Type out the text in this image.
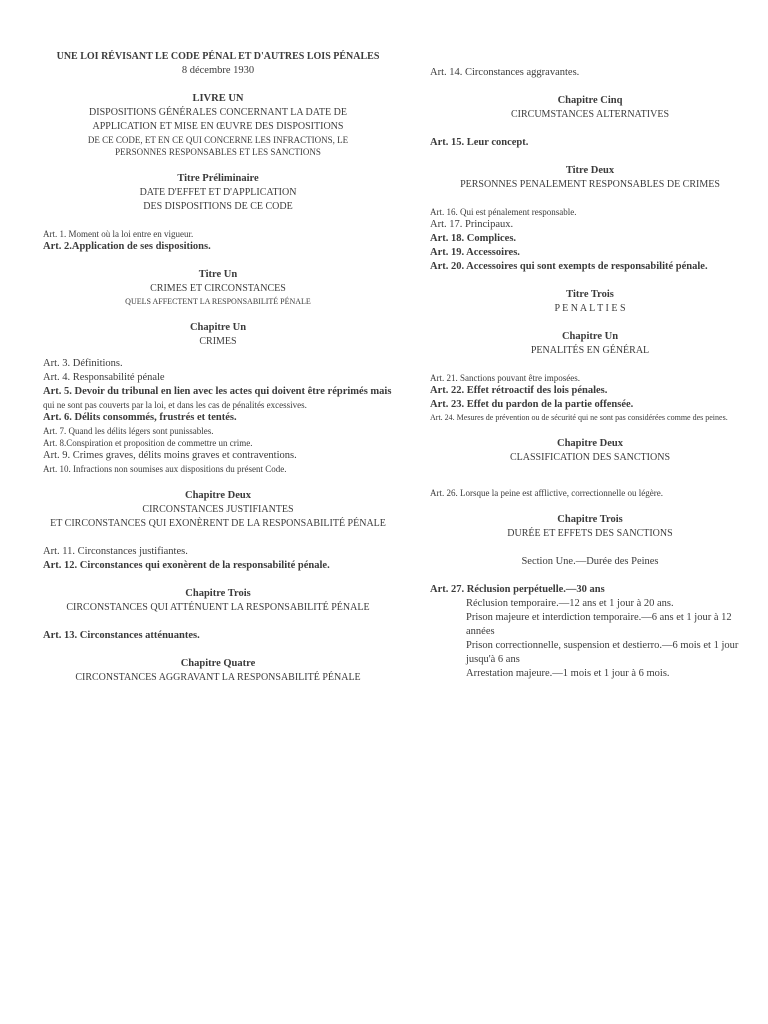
UNE LOI RÉVISANT LE CODE PÉNAL ET D'AUTRES LOIS PÉNALES

8 décembre 1930

LIVRE UN

DISPOSITIONS GÉNÉRALES CONCERNANT LA DATE DE

APPLICATION ET MISE EN ŒUVRE DES DISPOSITIONS

DE CE CODE, ET EN CE QUI CONCERNE LES INFRACTIONS, LE

PERSONNES RESPONSABLES ET LES SANCTIONS

Titre Préliminaire

DATE D'EFFET ET D'APPLICATION

DES DISPOSITIONS DE CE CODE

Art. 1. Moment où la loi entre en vigueur.

Art. 2.Application de ses dispositions.

Titre Un

CRIMES ET CIRCONSTANCES

QUELS AFFECTENT LA RESPONSABILITÉ PÉNALE

Chapitre Un

CRIMES

Art. 3. Définitions.

Art. 4. Responsabilité pénale

Art. 5. Devoir du tribunal en lien avec les actes qui doivent être réprimés mais

qui ne sont pas couverts par la loi, et dans les cas de pénalités excessives.

Art. 6. Délits consommés, frustrés et tentés.

Art. 7. Quand les délits légers sont punissables.

Art. 8.Conspiration et proposition de commettre un crime.

Art. 9. Crimes graves, délits moins graves et contraventions.

Art. 10. Infractions non soumises aux dispositions du présent Code.

Chapitre Deux

CIRCONSTANCES JUSTIFIANTES

ET CIRCONSTANCES QUI EXONÈRENT DE LA RESPONSABILITÉ PÉNALE

Art. 11. Circonstances justifiantes.

Art. 12. Circonstances qui exonèrent de la responsabilité pénale.

Chapitre Trois

CIRCONSTANCES QUI ATTÉNUENT LA RESPONSABILITÉ PÉNALE

Art. 13. Circonstances atténuantes.

Chapitre Quatre

CIRCONSTANCES AGGRAVANT LA RESPONSABILITÉ PÉNALE

Art. 14. Circonstances aggravantes.

Chapitre Cinq

CIRCUMSTANCES ALTERNATIVES

Art. 15. Leur concept.

Titre Deux

PERSONNES PENALEMENT RESPONSABLES DE CRIMES

Art. 16. Qui est pénalement responsable.

Art. 17. Principaux.

Art. 18. Complices.

Art. 19. Accessoires.

Art. 20. Accessoires qui sont exempts de responsabilité pénale.

Titre Trois

P E N A L T I E S

Chapitre Un

PENALITÉS EN GÉNÉRAL

Art. 21. Sanctions pouvant être imposées.

Art. 22. Effet rétroactif des lois pénales.

Art. 23. Effet du pardon de la partie offensée.

Art. 24. Mesures de prévention ou de sécurité qui ne sont pas considérées comme des peines.

Chapitre Deux

CLASSIFICATION DES SANCTIONS

Art. 26. Lorsque la peine est afflictive, correctionnelle ou légère.

Chapitre Trois

DURÉE ET EFFETS DES SANCTIONS

Section Une.—Durée des Peines

Art. 27. Réclusion perpétuelle.—30 ans

Réclusion temporaire.—12 ans et 1 jour à 20 ans.

Prison majeure et interdiction temporaire.—6 ans et 1 jour à 12 années

Prison correctionnelle, suspension et destierro.—6 mois et 1 jour jusqu'à 6 ans

Arrestation majeure.—1 mois et 1 jour à 6 mois.
